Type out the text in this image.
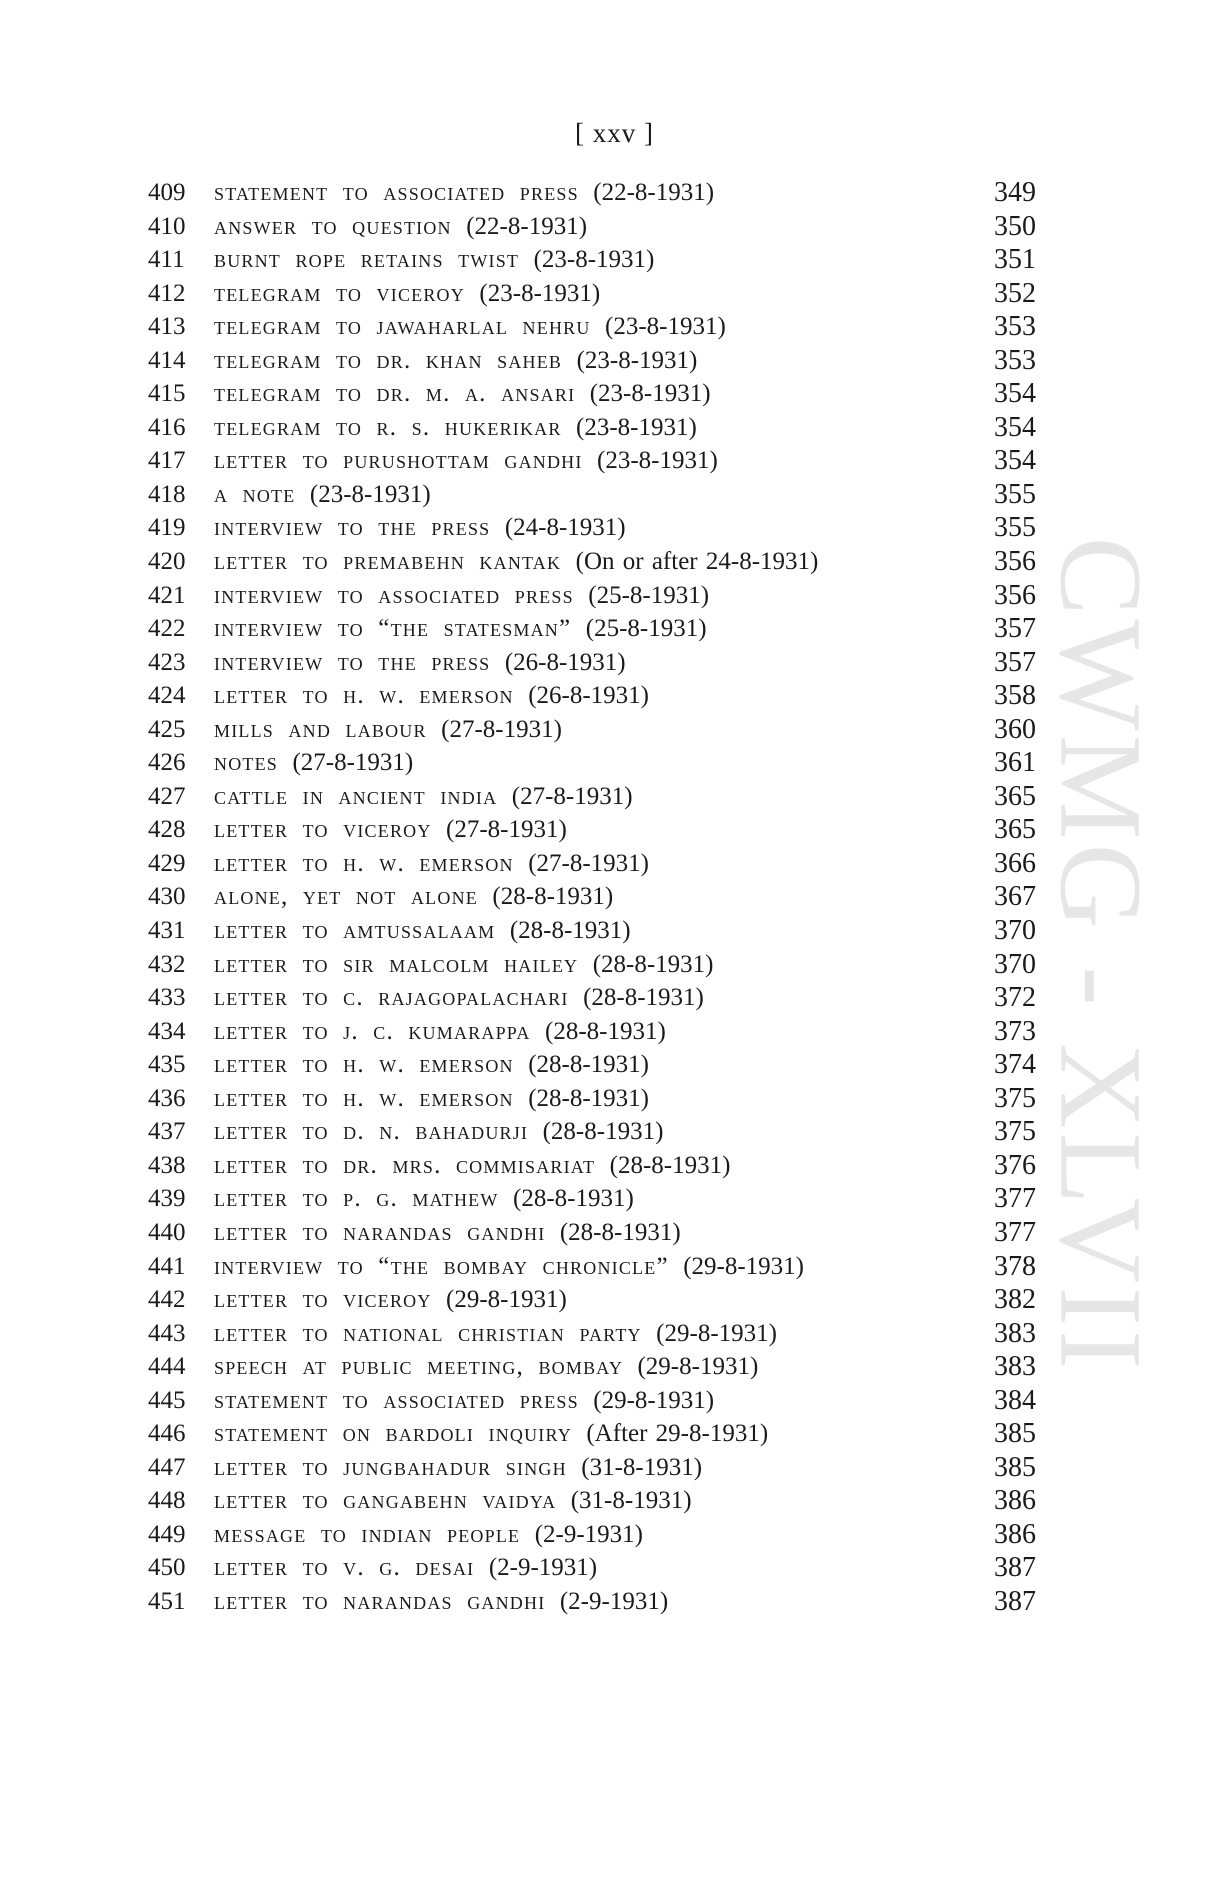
[ xxv ]
CWMG - XLVII
409 statement to associated press (22-8-1931)	349
410 answer to question (22-8-1931)	350
411 burnt rope retains twist (23-8-1931)	351
412 telegram to viceroy (23-8-1931)	352
413 telegram to jawaharlal nehru (23-8-1931)	353
414 telegram to dr. khan saheb (23-8-1931)	353
415 telegram to dr. m. a. ansari (23-8-1931)	354
416 telegram to r. s. hukerikar (23-8-1931)	354
417 letter to purushottam gandhi (23-8-1931)	354
418 a note (23-8-1931)	355
419 interview to the press (24-8-1931)	355
420 letter to premabehn kantak (On or after 24-8-1931)	356
421 interview to associated press (25-8-1931)	356
422 interview to “the statesman” (25-8-1931)	357
423 interview to the press (26-8-1931)	357
424 letter to h. w. emerson (26-8-1931)	358
425 mills and labour (27-8-1931)	360
426 notes (27-8-1931)	361
427 cattle in ancient india (27-8-1931)	365
428 letter to viceroy (27-8-1931)	365
429 letter to h. w. emerson (27-8-1931)	366
430 alone, yet not alone (28-8-1931)	367
431 letter to amtussalaam (28-8-1931)	370
432 letter to sir malcolm hailey (28-8-1931)	370
433 letter to c. rajagopalachari (28-8-1931)	372
434 letter to j. c. kumarappa (28-8-1931)	373
435 letter to h. w. emerson (28-8-1931)	374
436 letter to h. w. emerson (28-8-1931)	375
437 letter to d. n. bahadurji (28-8-1931)	375
438 letter to dr. mrs. commisariat (28-8-1931)	376
439 letter to p. g. mathew (28-8-1931)	377
440 letter to narandas gandhi (28-8-1931)	377
441 interview to “the bombay chronicle” (29-8-1931)	378
442 letter to viceroy (29-8-1931)	382
443 letter to national christian party (29-8-1931)	383
444 speech at public meeting, bombay (29-8-1931)	383
445 statement to associated press (29-8-1931)	384
446 statement on bardoli inquiry (After 29-8-1931)	385
447 letter to jungbahadur singh (31-8-1931)	385
448 letter to gangabehn vaidya (31-8-1931)	386
449 message to indian people (2-9-1931)	386
450 letter to v. g. desai (2-9-1931)	387
451 letter to narandas gandhi (2-9-1931)	387
